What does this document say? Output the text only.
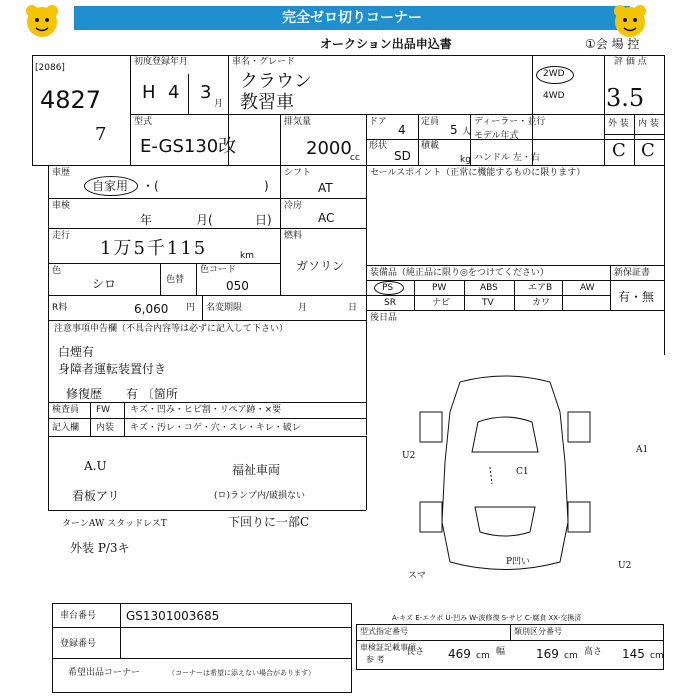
完全ゼロ切りコーナー
オークション出品申込書	①会 場 控
[2086]
4827
7
初度登録年月
H 4 3
月
車名・グレード
クラウン
教習車
2WD
4WD
評 価 点
3.5
型式
E-GS130改
排気量
2000
cc
ドア
4
定員
5 人
形状
SD
積載
kg
ディーラー・並行
モデル年式
ハンドル 左・右
外 装 内 装
C C
車歴
自家用 ・(	)
シフト
AT
車検
年	月(	日)
冷房
AC
走行
1万5千115	km
燃料
ガソリン
色
シロ	色替
色コード
050
R料	6,060 円 名変期限	月	日
セールスポイント（正常に機能するものに限ります）
装備品（純正品に限り◎をつけてください）	新保証書
有・無
PS	PW	ABS	エアB	AW
SR	ナビ	TV	カワ
後日品
注意事項申告欄（不具合内容等は必ずに記入して下さい）
白煙有
身障者運転装置付き
修復歴 有 〔箇所
検査員 FW キズ・凹み・ヒビ割・リペア跡・×要
記入欄 内装 キズ・汚レ・コゲ・穴・スレ・キレ・破レ
A.U
看板アリ
ターンAW スタッドレスT
外装 P/3キ
福祉車両
(ロ)ランプ内/破損ない
下回りに一部C
U2
A1
C1
P凹い	U2
スマ
A-キズ E-エクボ U-凹み W-波修復 S-サビ C-腐食 XX-交換済
車台番号 GS1301003685
登録番号
希望出品コーナー	（コーナーは希望に添えない場合があります）
型式指定番号	類別区分番号
車検証記載事項
参 考
長さ 469 cm 幅	169 cm 高さ 145 cm
